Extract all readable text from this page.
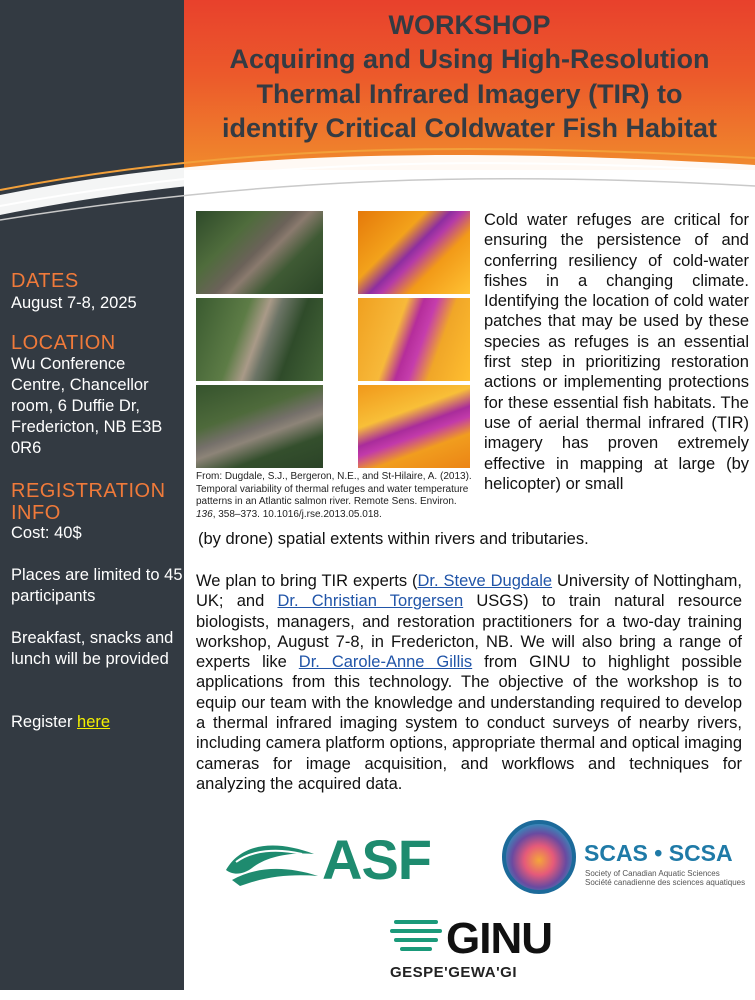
WORKSHOP
Acquiring and Using High-Resolution
Thermal Infrared Imagery (TIR) to
identify Critical Coldwater Fish Habitat
DATES
August 7-8, 2025
LOCATION
Wu Conference Centre, Chancellor room, 6 Duffie Dr, Fredericton, NB E3B 0R6
REGISTRATION INFO
Cost: 40$
Places are limited to 45 participants
Breakfast, snacks and lunch will be provided
Register here
From: Dugdale, S.J., Bergeron, N.E., and St-Hilaire, A. (2013). Temporal variability of thermal refuges and water temperature patterns in an Atlantic salmon river. Remote Sens. Environ. 136, 358–373. 10.1016/j.rse.2013.05.018.
Cold water refuges are critical for ensuring the persistence of and conferring resiliency of cold-water fishes in a changing climate. Identifying the location of cold water patches that may be used by these species as refuges is an essential first step in prioritizing restoration actions or implementing protections for these essential fish habitats. The use of aerial thermal infrared (TIR) imagery has proven extremely effective in mapping at large (by helicopter) or small
(by drone) spatial extents within rivers and tributaries.
We plan to bring TIR experts (Dr. Steve Dugdale University of Nottingham, UK; and Dr. Christian Torgersen USGS) to train natural resource biologists, managers, and restoration practitioners for a two-day training workshop, August 7-8, in Fredericton, NB. We will also bring a range of experts like Dr. Carole-Anne Gillis from GINU to highlight possible applications from this technology. The objective of the workshop is to equip our team with the knowledge and understanding required to develop a thermal infrared imaging system to conduct surveys of nearby rivers, including camera platform options, appropriate thermal and optical imaging cameras for image acquisition, and workflows and techniques for analyzing the acquired data.
ASF	SCAS • SCSA
Society of Canadian Aquatic Sciences
Société canadienne des sciences aquatiques
GINU
GESPE'GEWA'GI
